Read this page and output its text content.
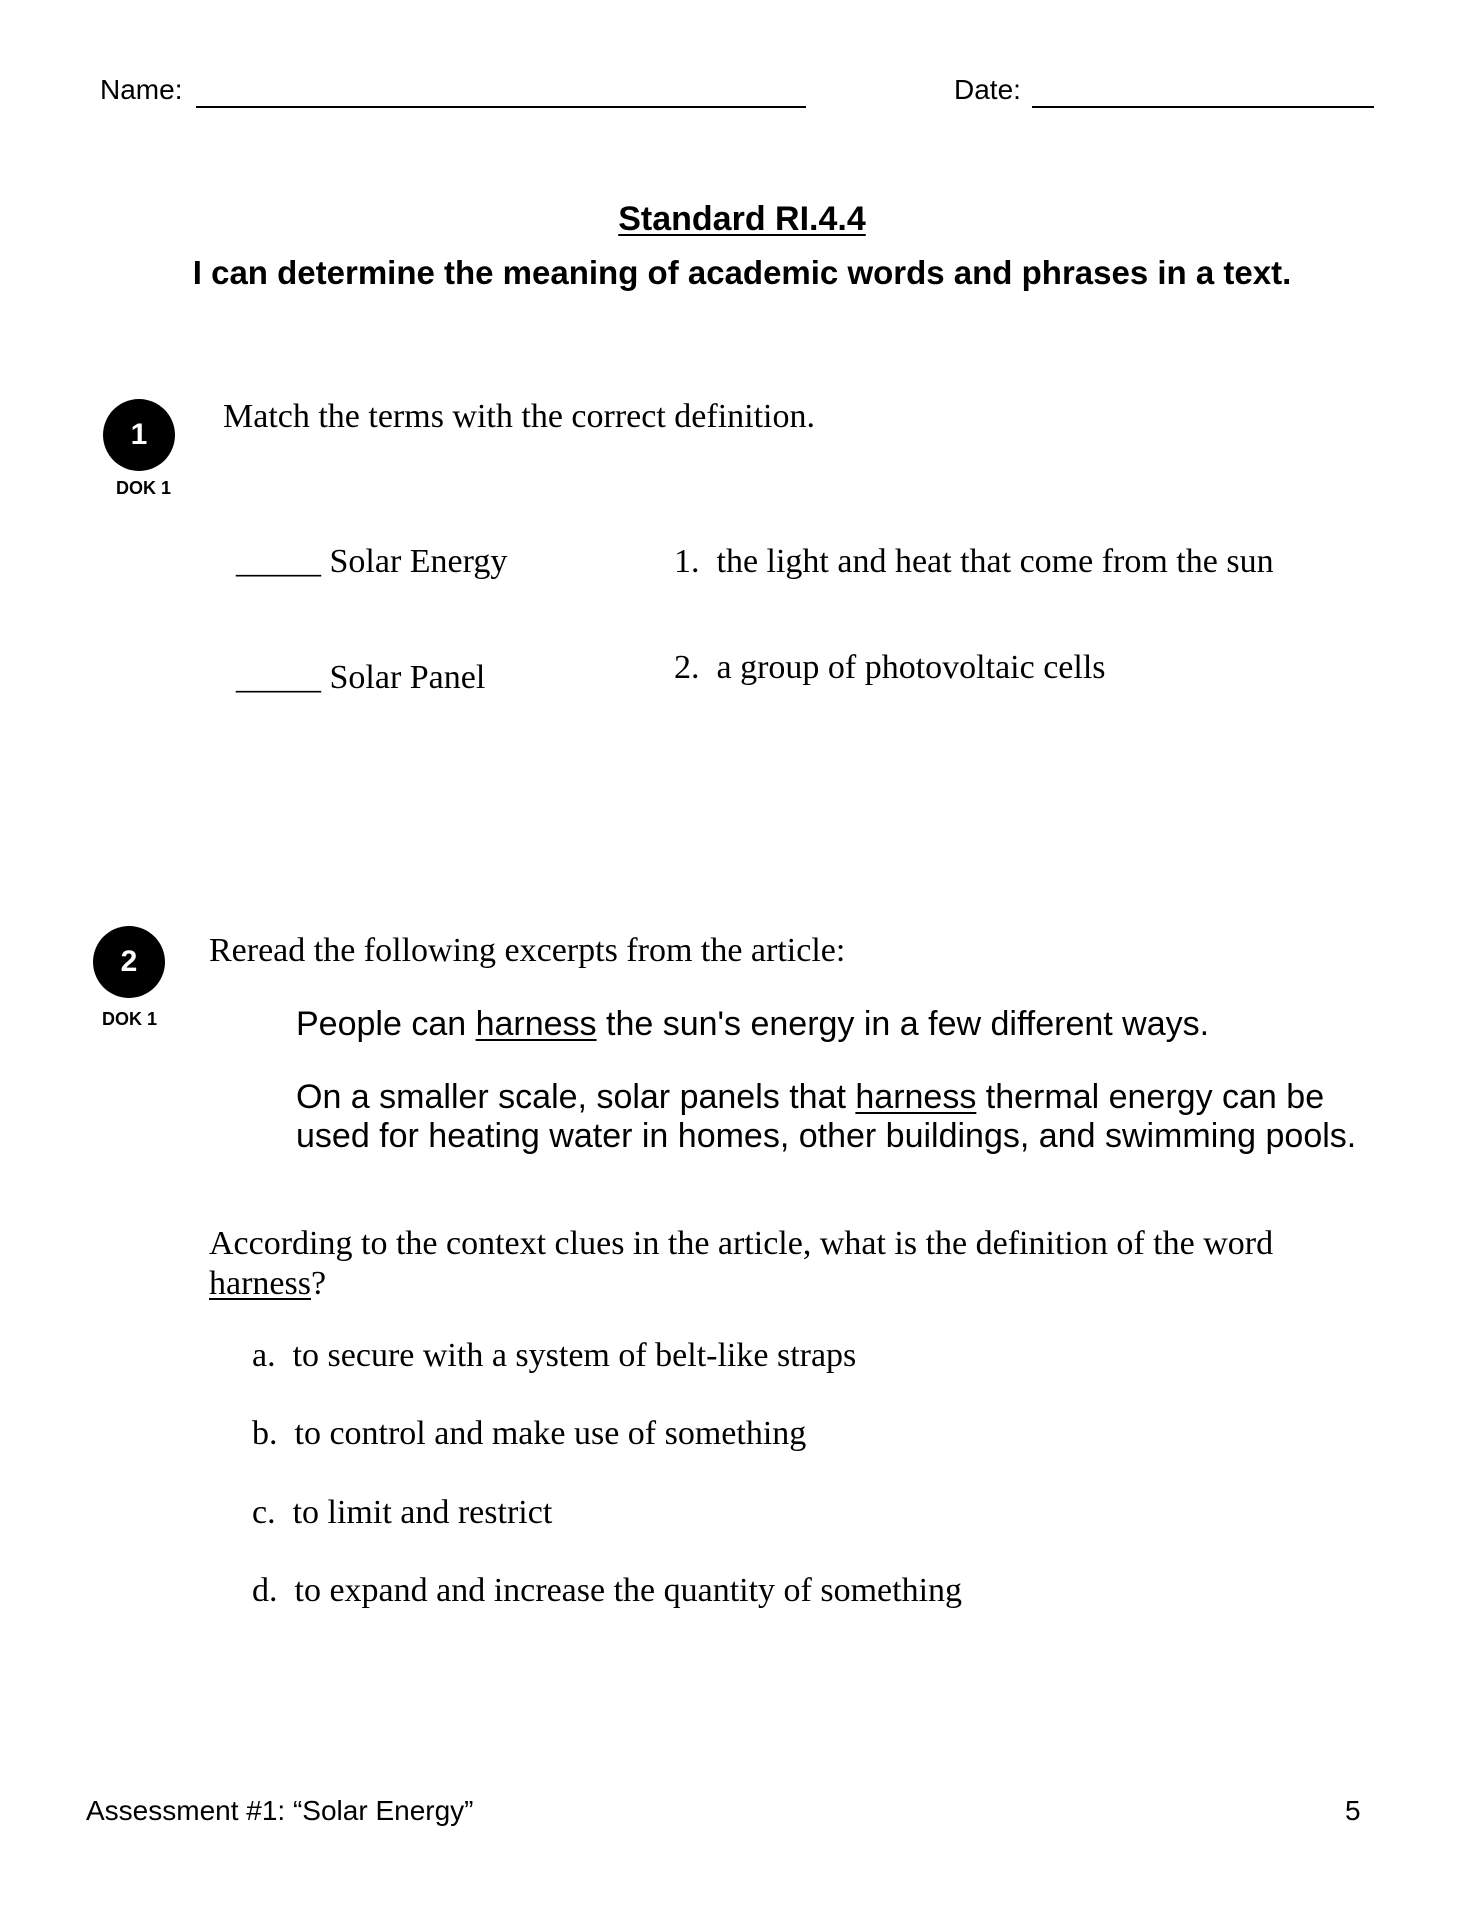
Name:	Date:
Standard RI.4.4
I can determine the meaning of academic words and phrases in a text.
1
DOK 1
Match the terms with the correct definition.
_____ Solar Energy
_____ Solar Panel
1. the light and heat that come from the sun
2. a group of photovoltaic cells
2
DOK 1
Reread the following excerpts from the article:
People can harness the sun's energy in a few different ways.
On a smaller scale, solar panels that harness thermal energy can be
used for heating water in homes, other buildings, and swimming pools.
According to the context clues in the article, what is the definition of the word
harness?
a. to secure with a system of belt-like straps
b. to control and make use of something
c. to limit and restrict
d. to expand and increase the quantity of something
Assessment #1: “Solar Energy”	5
